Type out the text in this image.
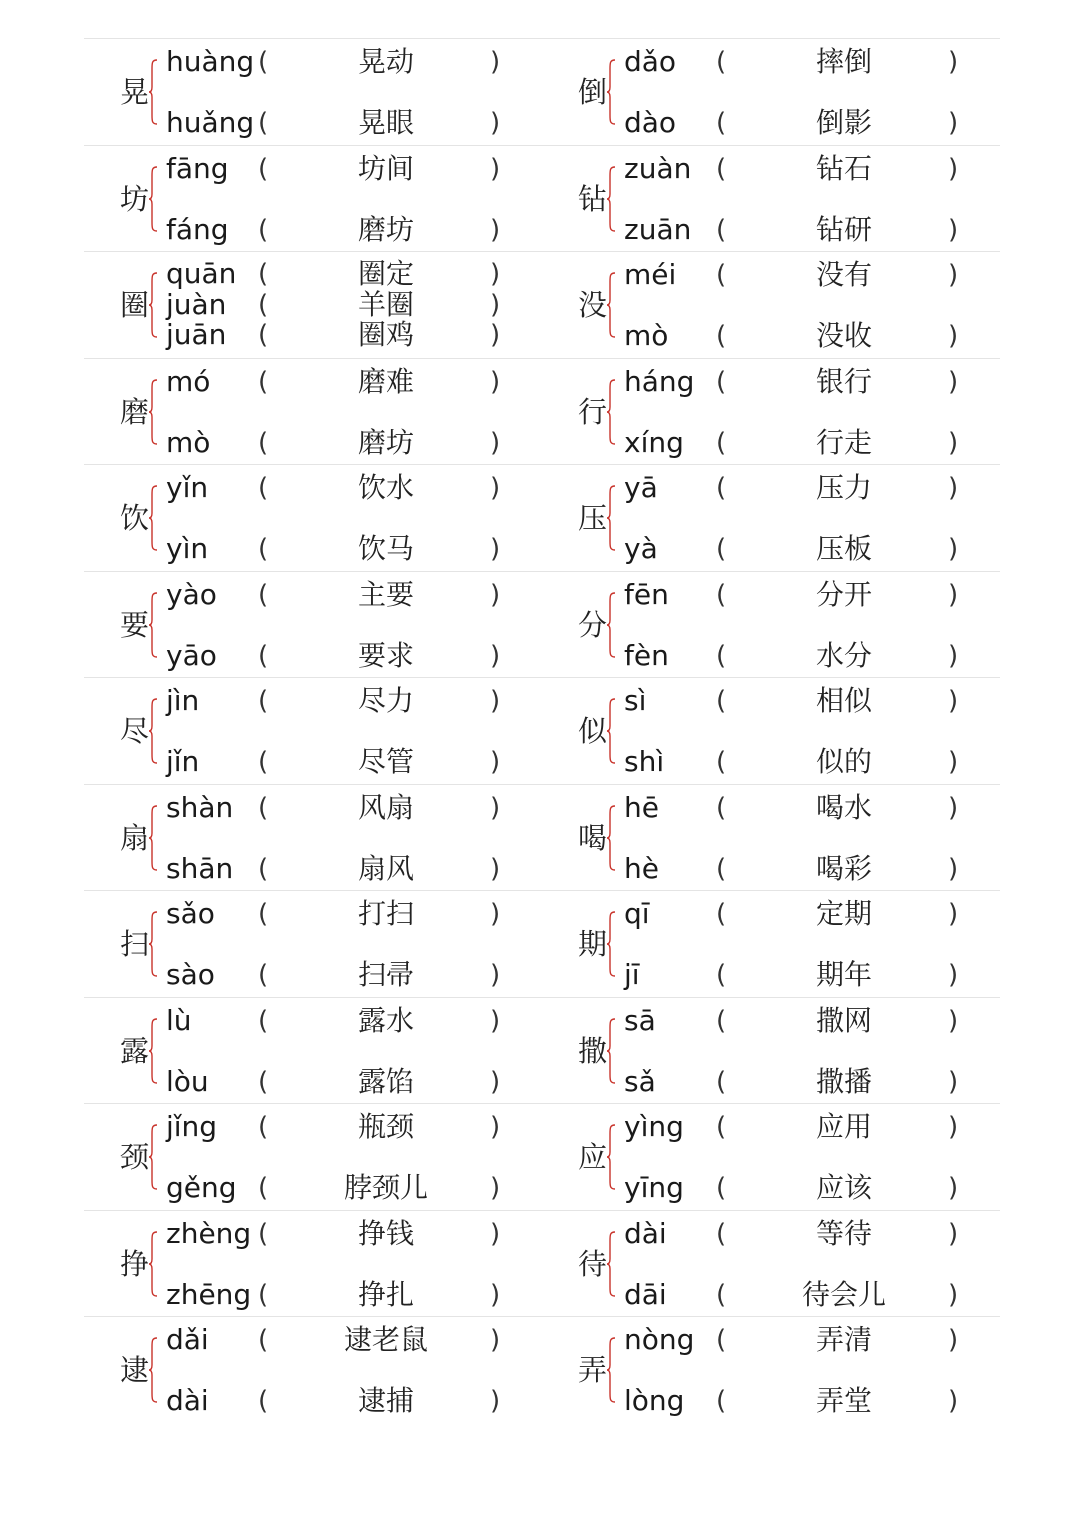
晃
huàng (	晃动	)
huǎng (	晃眼	)
倒
dǎo (	摔倒	)
dào (	倒影	)
坊
fāng (	坊间	)
fáng (	磨坊	)
钻
zuàn (	钻石	)
zuān (	钻研	)
圈
quān (	圈定	)
juàn (	羊圈	)
juān (	圈鸡	)
没
méi (	没有	)
mò (	没收	)
磨
mó (	磨难	)
mò (	磨坊	)
行
háng (	银行	)
xíng (	行走	)
饮
yǐn (	饮水	)
yìn (	饮马	)
压
yā (	压力	)
yà (	压板	)
要
yào (	主要	)
yāo (	要求	)
分
fēn (	分开	)
fèn (	水分	)
尽
jìn (	尽力	)
jǐn (	尽管	)
似
sì	(	相似	)
shì (	似的	)
扇
shàn (	风扇	)
shān (	扇风	)
喝
hē (	喝水	)
hè (	喝彩	)
扫
sǎo (	打扫	)
sào (	扫帚	)
期
qī	(	定期	)
jī	(	期年	)
露
lù	(	露水	)
lòu (	露馅	)
撒
sā (	撒网	)
sǎ (	撒播	)
颈
jǐng (	瓶颈	)
gěng (	脖颈儿	)
应
yìng (	应用	)
yīng (	应该	)
挣
zhèng (	挣钱	)
zhēng (	挣扎	)
待
dài (	等待	)
dāi (	待会儿	)
逮
dǎi (	逮老鼠	)
dài (	逮捕	)
弄
nòng (	弄清	)
lòng (	弄堂	)
